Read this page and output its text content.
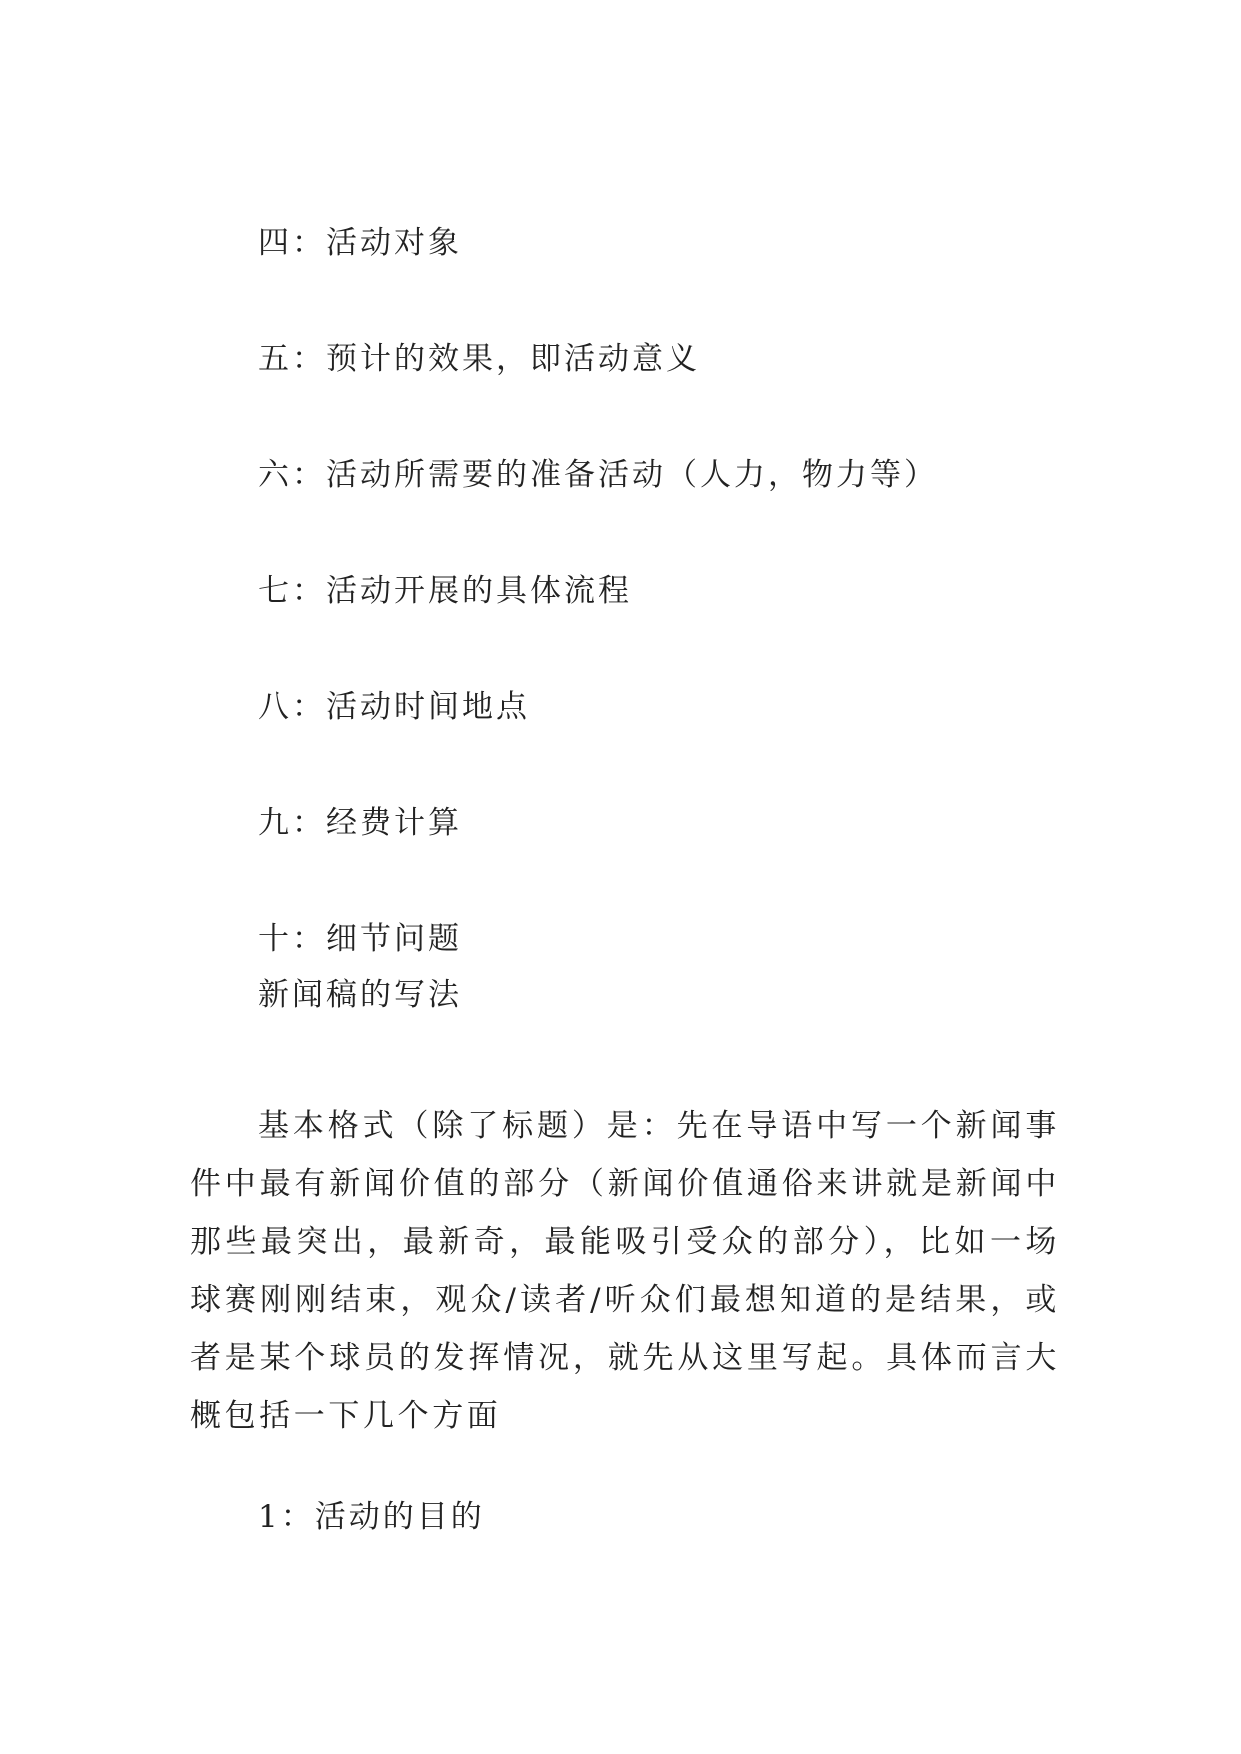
四：活动对象
五：预计的效果，即活动意义
六：活动所需要的准备活动（人力，物力等）
七：活动开展的具体流程
八：活动时间地点
九：经费计算
十：细节问题
新闻稿的写法
基本格式（除了标题）是：先在导语中写一个新闻事件中最有新闻价值的部分（新闻价值通俗来讲就是新闻中那些最突出，最新奇，最能吸引受众的部分），比如一场球赛刚刚结束，观众/读者/听众们最想知道的是结果，或者是某个球员的发挥情况，就先从这里写起。具体而言大概包括一下几个方面
1：活动的目的
